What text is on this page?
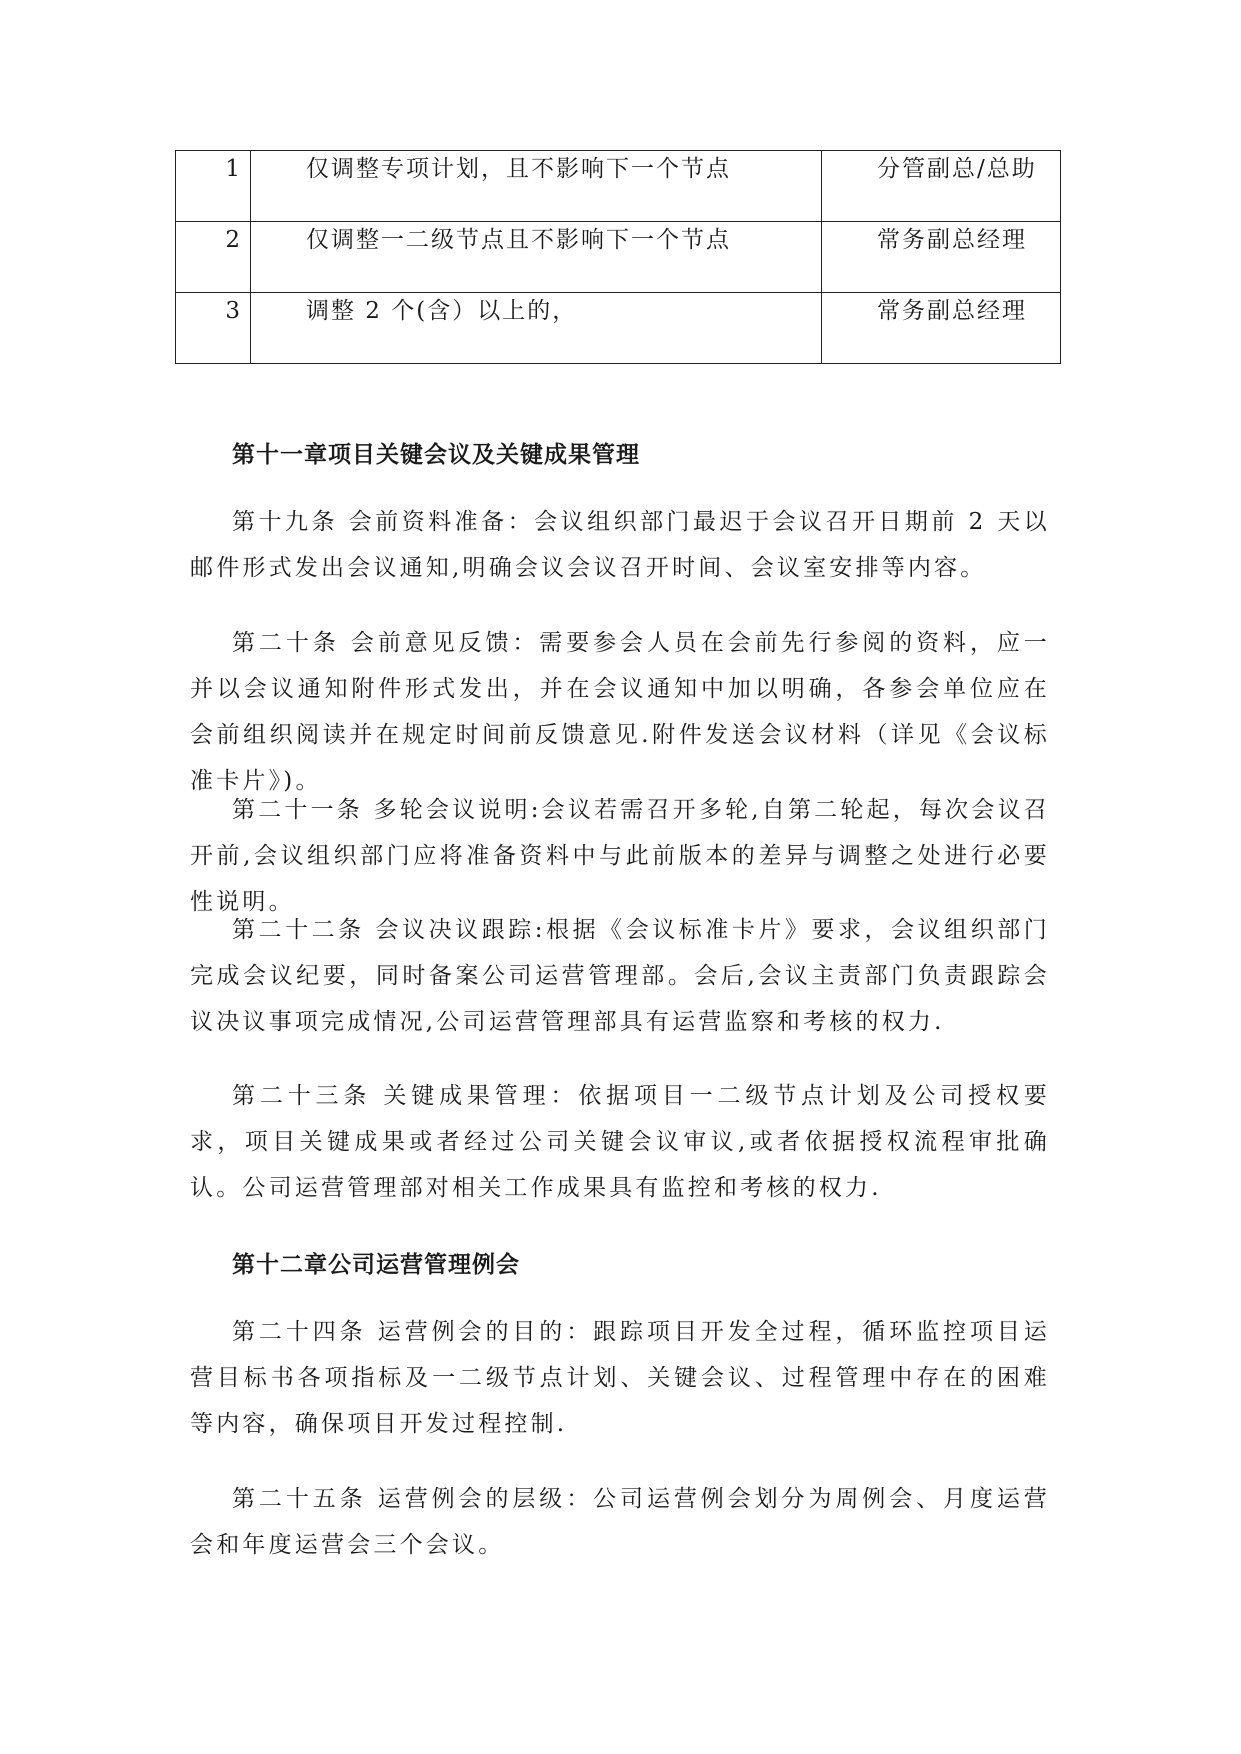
1	仅调整专项计划，且不影响下一个节点	分管副总/总助
2	仅调整一二级节点且不影响下一个节点	常务副总经理
3	调整 2 个(含）以上的，	常务副总经理
第十一章项目关键会议及关键成果管理

第十九条 会前资料准备：会议组织部门最迟于会议召开日期前 2 天以邮件形式发出会议通知,明确会议会议召开时间、会议室安排等内容。

第二十条 会前意见反馈：需要参会人员在会前先行参阅的资料，应一并以会议通知附件形式发出，并在会议通知中加以明确，各参会单位应在会前组织阅读并在规定时间前反馈意见.附件发送会议材料（详见《会议标准卡片》)。

第二十一条 多轮会议说明:会议若需召开多轮,自第二轮起，每次会议召开前,会议组织部门应将准备资料中与此前版本的差异与调整之处进行必要性说明。

第二十二条 会议决议跟踪:根据《会议标准卡片》要求，会议组织部门完成会议纪要，同时备案公司运营管理部。会后,会议主责部门负责跟踪会议决议事项完成情况,公司运营管理部具有运营监察和考核的权力.

第二十三条 关键成果管理：依据项目一二级节点计划及公司授权要求，项目关键成果或者经过公司关键会议审议,或者依据授权流程审批确认。公司运营管理部对相关工作成果具有监控和考核的权力.

第十二章公司运营管理例会

第二十四条 运营例会的目的：跟踪项目开发全过程，循环监控项目运营目标书各项指标及一二级节点计划、关键会议、过程管理中存在的困难等内容，确保项目开发过程控制.

第二十五条 运营例会的层级：公司运营例会划分为周例会、月度运营会和年度运营会三个会议。
